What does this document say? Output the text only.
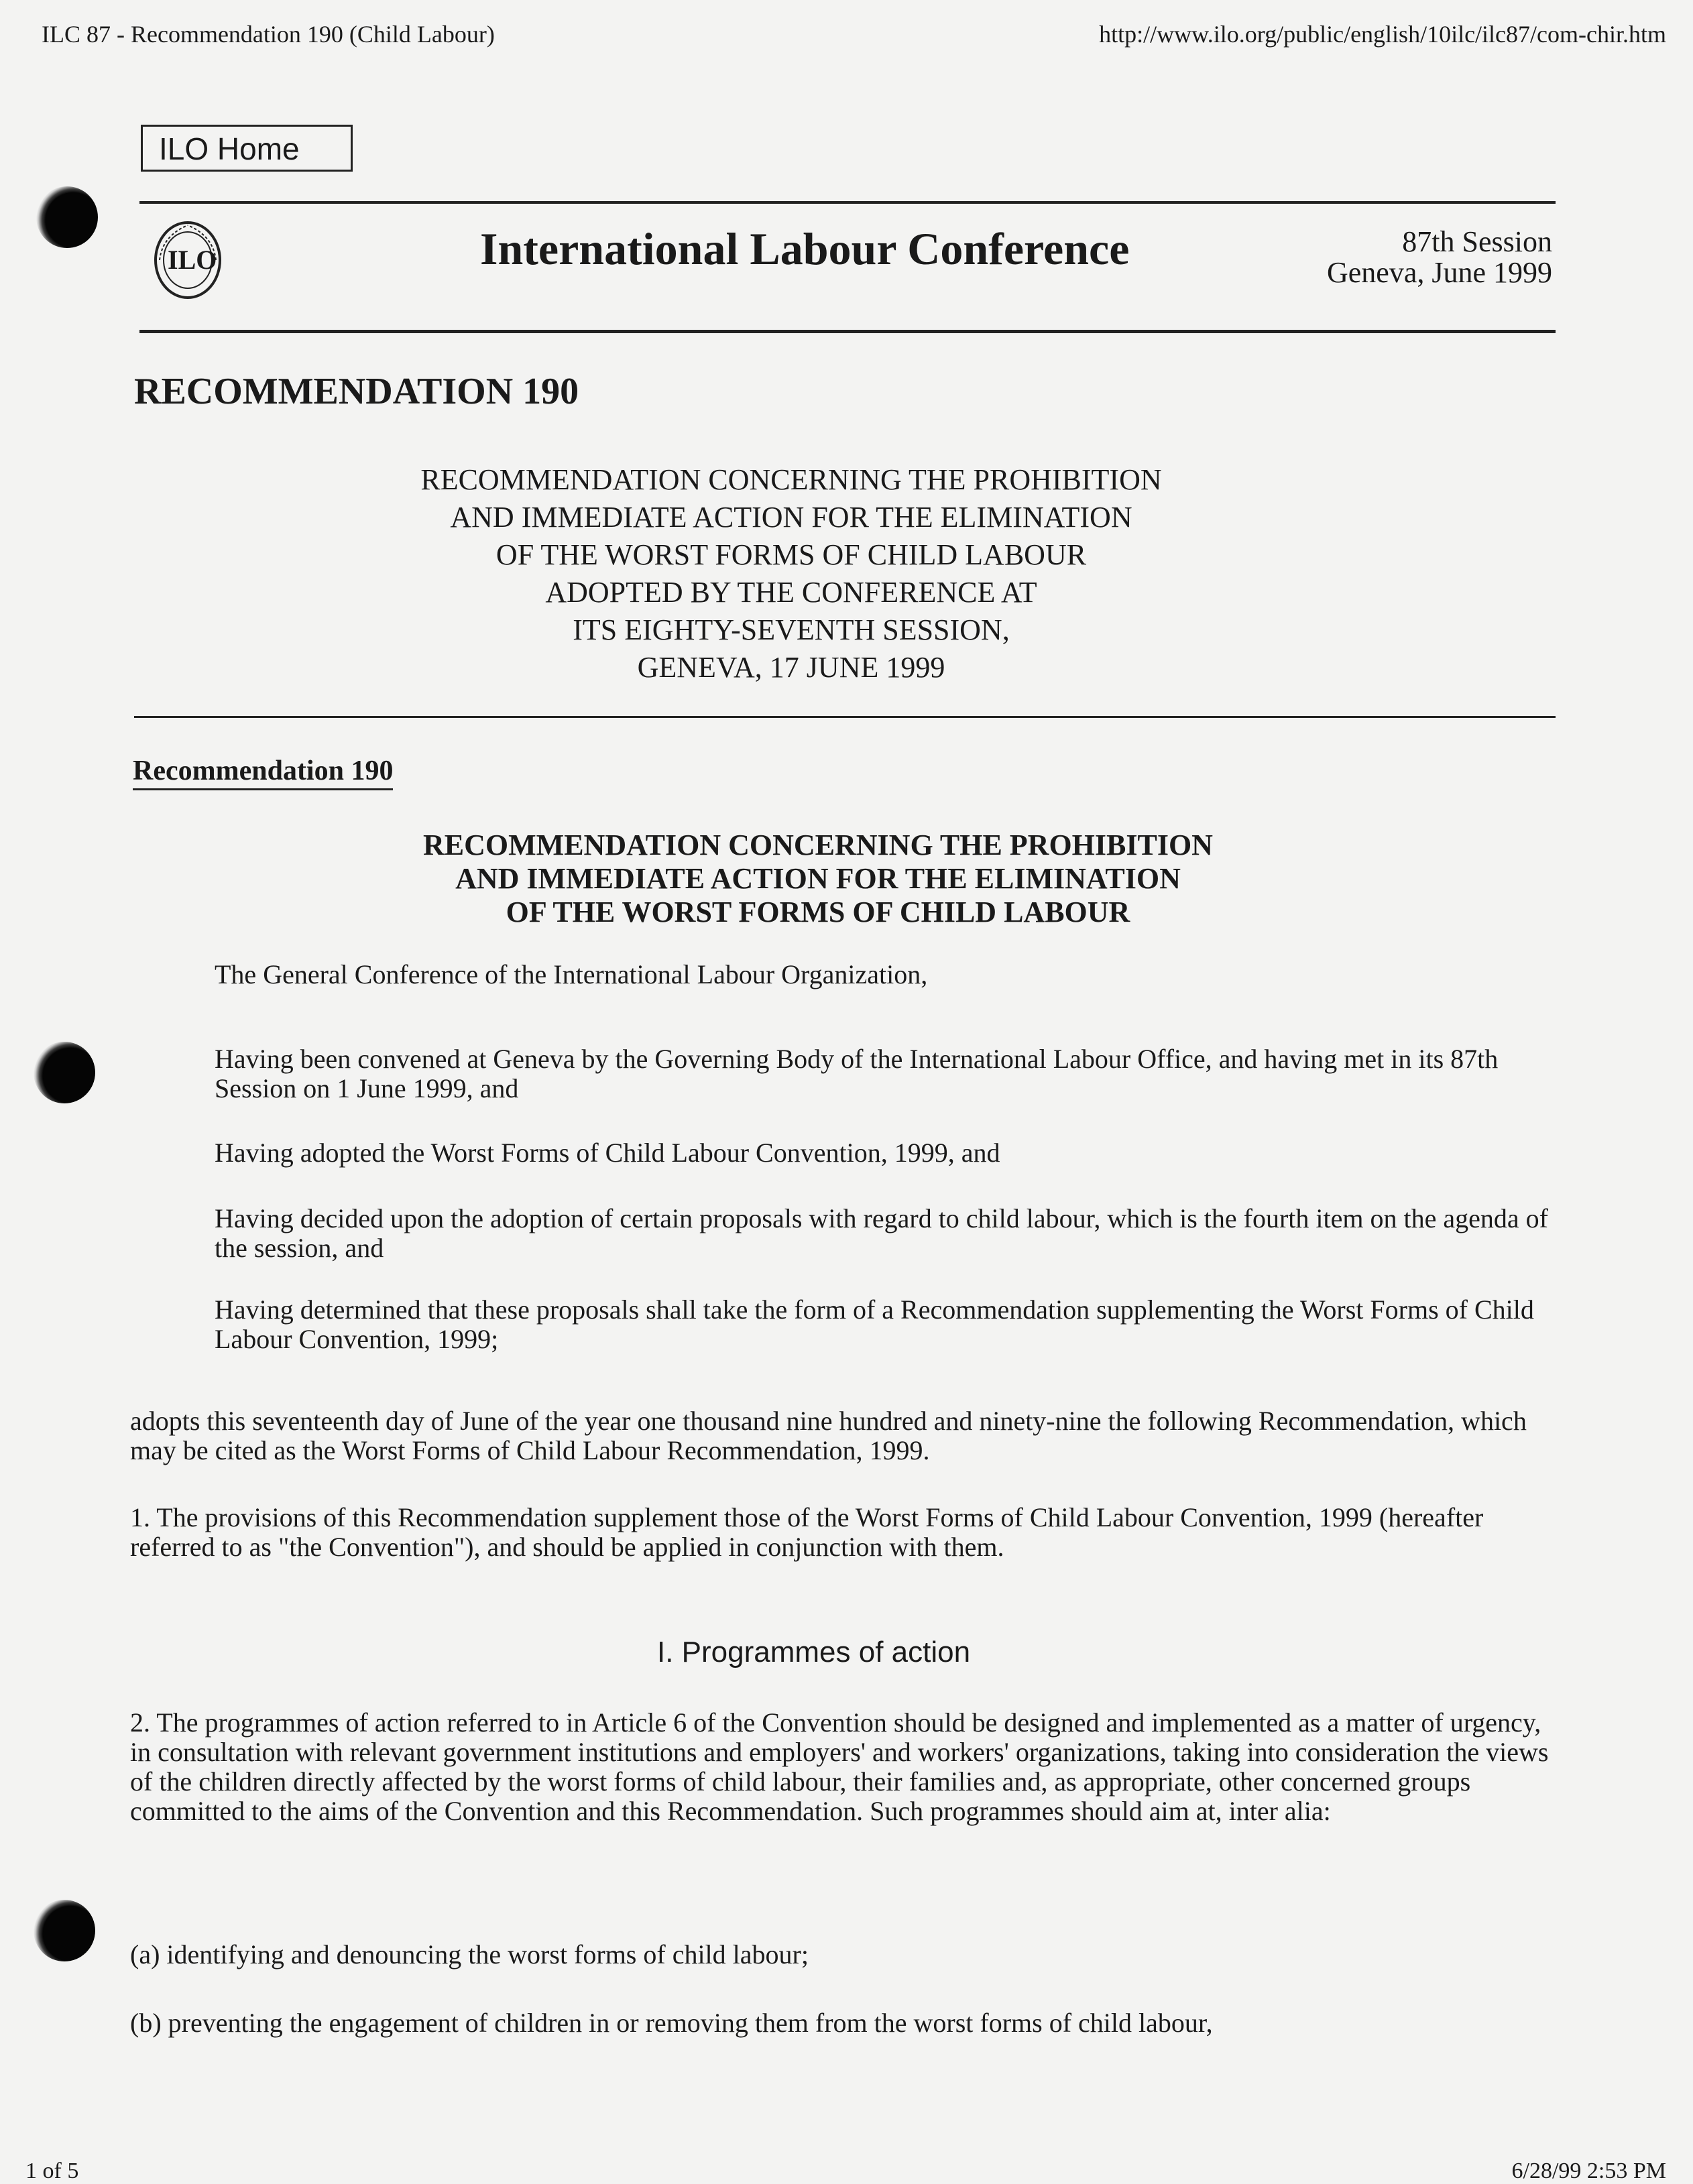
ILC 87 - Recommendation 190 (Child Labour)	http://www.ilo.org/public/english/10ilc/ilc87/com-chir.htm
ILO Home
ILO	International Labour Conference	87th Session
Geneva, June 1999
RECOMMENDATION 190
RECOMMENDATION CONCERNING THE PROHIBITION
AND IMMEDIATE ACTION FOR THE ELIMINATION
OF THE WORST FORMS OF CHILD LABOUR
ADOPTED BY THE CONFERENCE AT
ITS EIGHTY-SEVENTH SESSION,
GENEVA, 17 JUNE 1999
Recommendation 190
RECOMMENDATION CONCERNING THE PROHIBITION
AND IMMEDIATE ACTION FOR THE ELIMINATION
OF THE WORST FORMS OF CHILD LABOUR
The General Conference of the International Labour Organization,
Having been convened at Geneva by the Governing Body of the International Labour Office, and having met in its 87th Session on 1 June 1999, and
Having adopted the Worst Forms of Child Labour Convention, 1999, and
Having decided upon the adoption of certain proposals with regard to child labour, which is the fourth item on the agenda of the session, and
Having determined that these proposals shall take the form of a Recommendation supplementing the Worst Forms of Child Labour Convention, 1999;
adopts this seventeenth day of June of the year one thousand nine hundred and ninety-nine the following Recommendation, which may be cited as the Worst Forms of Child Labour Recommendation, 1999.
1. The provisions of this Recommendation supplement those of the Worst Forms of Child Labour Convention, 1999 (hereafter referred to as "the Convention"), and should be applied in conjunction with them.
I. Programmes of action
2. The programmes of action referred to in Article 6 of the Convention should be designed and implemented as a matter of urgency, in consultation with relevant government institutions and employers' and workers' organizations, taking into consideration the views of the children directly affected by the worst forms of child labour, their families and, as appropriate, other concerned groups committed to the aims of the Convention and this Recommendation. Such programmes should aim at, inter alia:
(a) identifying and denouncing the worst forms of child labour;
(b) preventing the engagement of children in or removing them from the worst forms of child labour,
1 of 5	6/28/99 2:53 PM
